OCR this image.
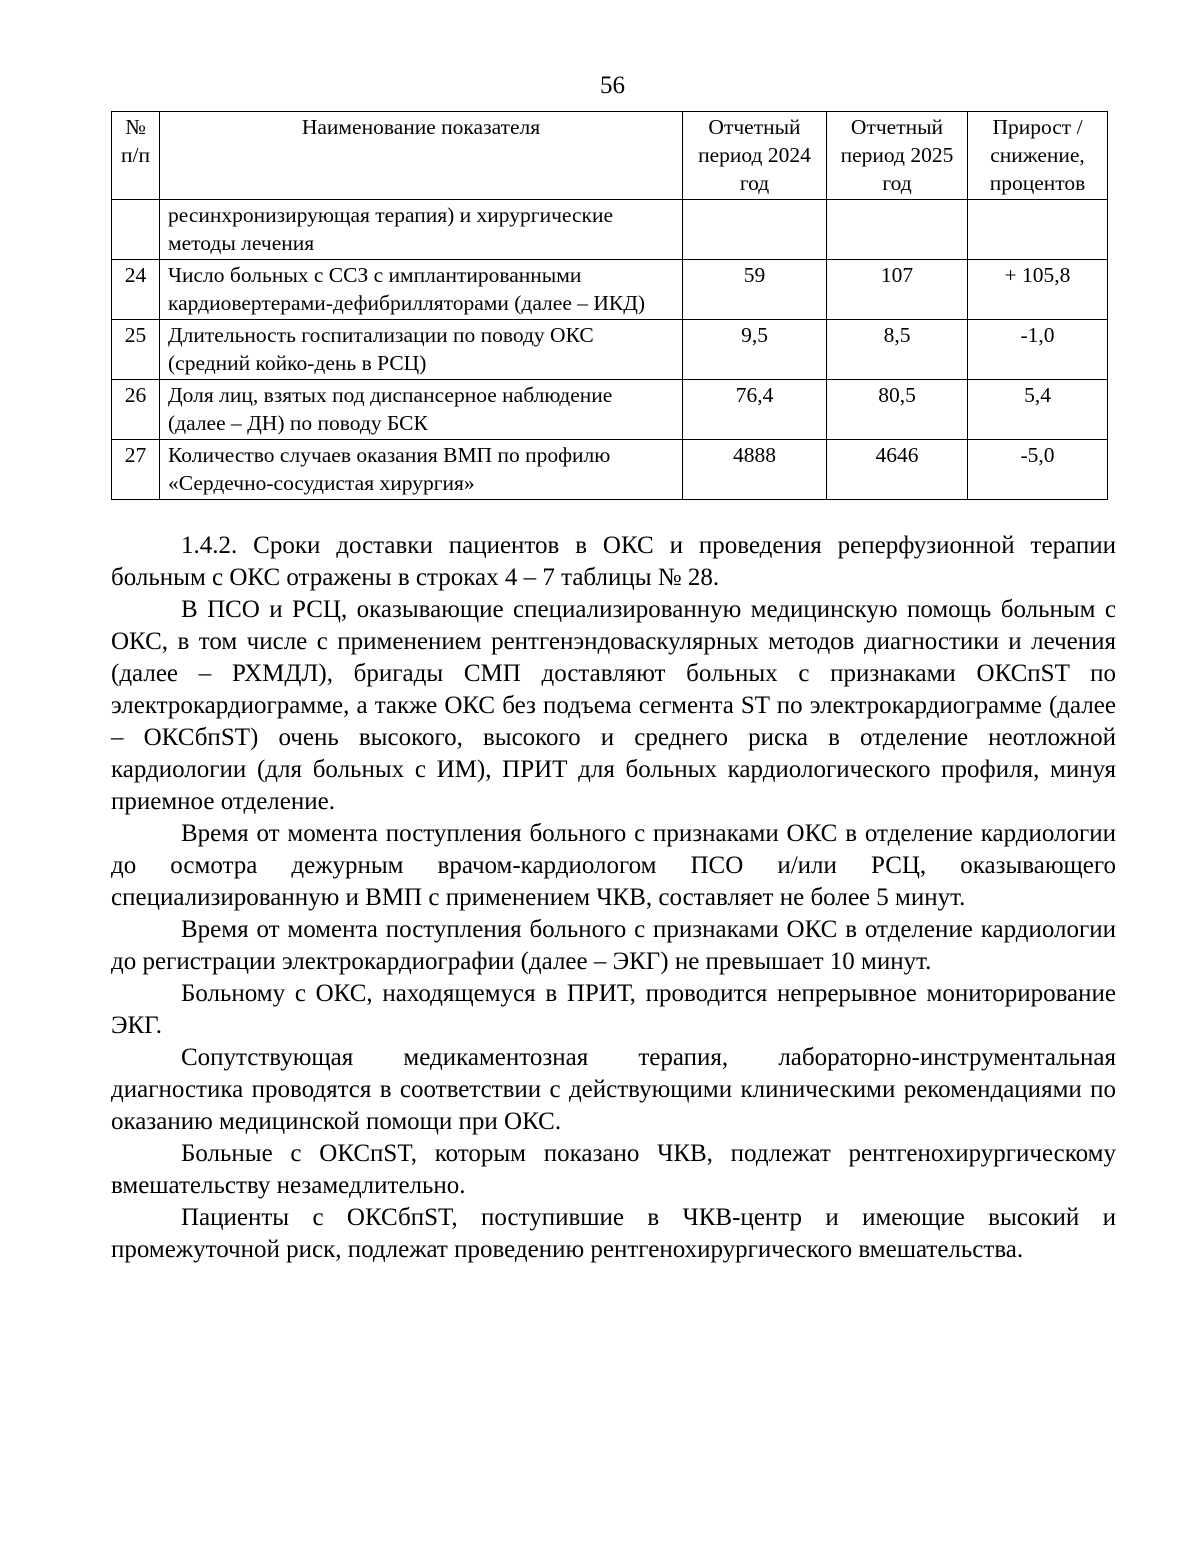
56
№ п/п	Наименование показателя	Отчетный период 2024 год	Отчетный период 2025 год	Прирост / снижение, процентов
	ресинхронизирующая терапия) и хирургические методы лечения			
24	Число больных с ССЗ с имплантированными кардиовертерами-дефибрилляторами (далее – ИКД)	59	107	+ 105,8
25	Длительность госпитализации по поводу ОКС (средний койко-день в РСЦ)	9,5	8,5	-1,0
26	Доля лиц, взятых под диспансерное наблюдение (далее – ДН) по поводу БСК	76,4	80,5	5,4
27	Количество случаев оказания ВМП по профилю «Сердечно-сосудистая хирургия»	4888	4646	-5,0

1.4.2. Сроки доставки пациентов в ОКС и проведения реперфузионной терапии больным с ОКС отражены в строках 4 – 7 таблицы № 28.

В ПСО и РСЦ, оказывающие специализированную медицинскую помощь больным с ОКС, в том числе с применением рентгенэндоваскулярных методов диагностики и лечения (далее – РХМДЛ), бригады СМП доставляют больных с признаками ОКСпST по электрокардиограмме, а также ОКС без подъема сегмента ST по электрокардиограмме (далее – ОКСбпST) очень высокого, высокого и среднего риска в отделение неотложной кардиологии (для больных с ИМ), ПРИТ для больных кардиологического профиля, минуя приемное отделение.

Время от момента поступления больного с признаками ОКС в отделение кардиологии до осмотра дежурным врачом-кардиологом ПСО и/или РСЦ, оказывающего специализированную и ВМП с применением ЧКВ, составляет не более 5 минут.

Время от момента поступления больного с признаками ОКС в отделение кардиологии до регистрации электрокардиографии (далее – ЭКГ) не превышает 10 минут.

Больному с ОКС, находящемуся в ПРИТ, проводится непрерывное мониторирование ЭКГ.

Сопутствующая медикаментозная терапия, лабораторно-инструментальная диагностика проводятся в соответствии с действующими клиническими рекомендациями по оказанию медицинской помощи при ОКС.

Больные с ОКСпST, которым показано ЧКВ, подлежат рентгенохирургическому вмешательству незамедлительно.

Пациенты с ОКСбпST, поступившие в ЧКВ-центр и имеющие высокий и промежуточной риск, подлежат проведению рентгенохирургического вмешательства.
